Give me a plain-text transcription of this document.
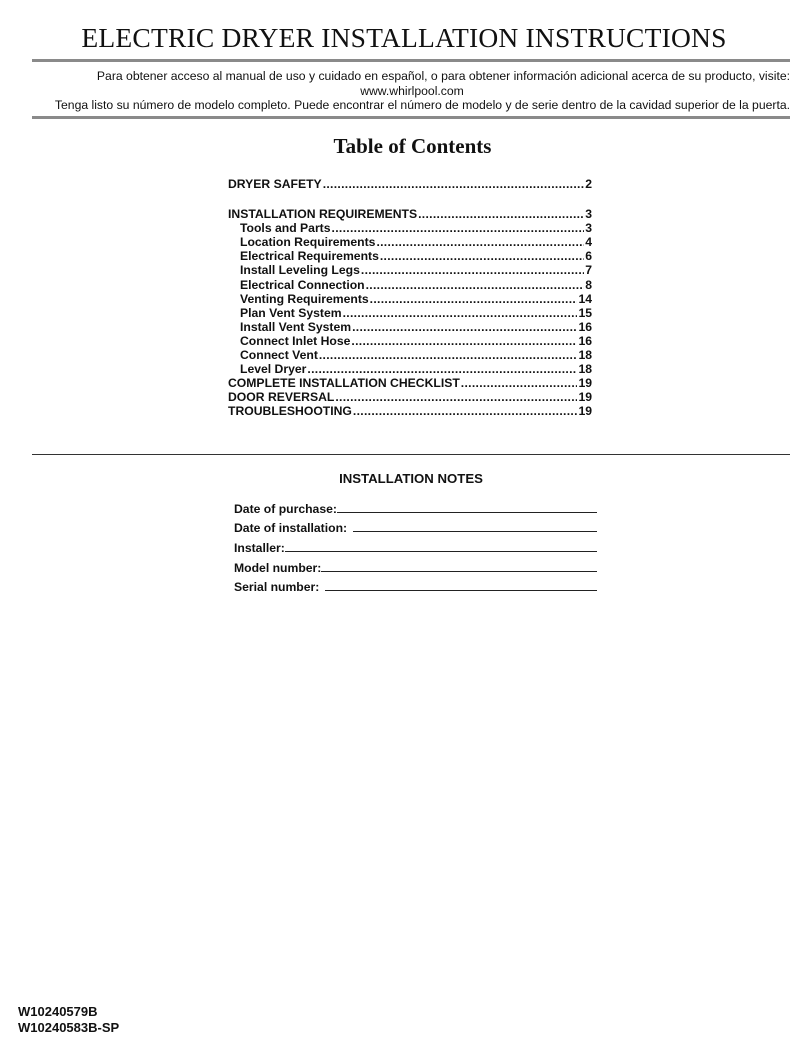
ELECTRIC DRYER INSTALLATION INSTRUCTIONS
Para obtener acceso al manual de uso y cuidado en español, o para obtener información adicional acerca de su producto, visite:
www.whirlpool.com
Tenga listo su número de modelo completo. Puede encontrar el número de modelo y de serie dentro de la cavidad superior de la puerta.
Table of Contents
DRYER SAFETY .....	2
INSTALLATION REQUIREMENTS .....	3
Tools and Parts .....	3
Location Requirements .....	4
Electrical Requirements .....	6
Install Leveling Legs .....	7
Electrical Connection .....	8
Venting Requirements .....	14
Plan Vent System .....	15
Install Vent System .....	16
Connect Inlet Hose .....	16
Connect Vent .....	18
Level Dryer .....	18
COMPLETE INSTALLATION CHECKLIST .....	19
DOOR REVERSAL .....	19
TROUBLESHOOTING .....	19
INSTALLATION NOTES
Date of purchase:
Date of installation:
Installer:
Model number:
Serial number:
W10240579B
W10240583B-SP
